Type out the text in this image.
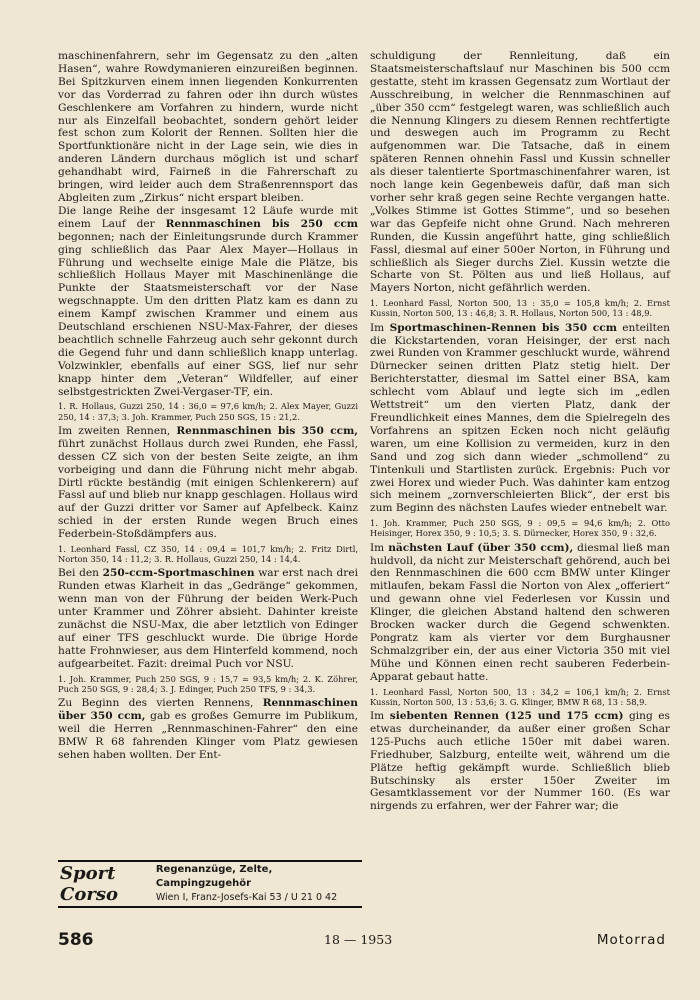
maschinenfahrern, sehr im Gegensatz zu den „alten Hasen“, wahre Rowdymanieren einzureißen beginnen. Bei Spitzkurven einem innen liegenden Konkurrenten vor das Vorderrad zu fahren oder ihn durch wüstes Geschlenkere am Vorfahren zu hindern, wurde nicht nur als Einzelfall beobachtet, sondern gehört leider fest schon zum Kolorit der Rennen. Sollten hier die Sportfunktionäre nicht in der Lage sein, wie dies in anderen Ländern durchaus möglich ist und scharf gehandhabt wird, Fairneß in die Fahrerschaft zu bringen, wird leider auch dem Straßenrennsport das Abgleiten zum „Zirkus“ nicht erspart bleiben.

Die lange Reihe der insgesamt 12 Läufe wurde mit einem Lauf der Rennmaschinen bis 250 ccm begonnen; nach der Einleitungsrunde durch Krammer ging schließlich das Paar Alex Mayer—Hollaus in Führung und wechselte einige Male die Plätze, bis schließlich Hollaus Mayer mit Maschinenlänge die Punkte der Staatsmeisterschaft vor der Nase wegschnappte. Um den dritten Platz kam es dann zu einem Kampf zwischen Krammer und einem aus Deutschland erschienen NSU-Max-Fahrer, der dieses beachtlich schnelle Fahrzeug auch sehr gekonnt durch die Gegend fuhr und dann schließlich knapp unterlag. Volzwinkler, ebenfalls auf einer SGS, lief nur sehr knapp hinter dem „Veteran“ Wildfeller, auf einer selbstgestrickten Zwei-Vergaser-TF, ein.

1. R. Hollaus, Guzzi 250, 14 : 36,0 = 97,6 km/h; 2. Alex Mayer, Guzzi 250, 14 : 37,3; 3. Joh. Krammer, Puch 250 SGS, 15 : 21,2.

Im zweiten Rennen, Rennmaschinen bis 350 ccm, führt zunächst Hollaus durch zwei Runden, ehe Fassl, dessen CZ sich von der besten Seite zeigte, an ihm vorbeiging und dann die Führung nicht mehr abgab. Dirtl rückte beständig (mit einigen Schlenkerern) auf Fassl auf und blieb nur knapp geschlagen. Hollaus wird auf der Guzzi dritter vor Samer auf Apfelbeck. Kainz schied in der ersten Runde wegen Bruch eines Federbein-Stoßdämpfers aus.

1. Leonhard Fassl, CZ 350, 14 : 09,4 = 101,7 km/h; 2. Fritz Dirtl, Norton 350, 14 : 11,2; 3. R. Hollaus, Guzzi 250, 14 : 14,4.

Bei den 250-ccm-Sportmaschinen war erst nach drei Runden etwas Klarheit in das „Gedränge“ gekommen, wenn man von der Führung der beiden Werk-Puch unter Krammer und Zöhrer absieht. Dahinter kreiste zunächst die NSU-Max, die aber letztlich von Edinger auf einer TFS geschluckt wurde. Die übrige Horde hatte Frohnwieser, aus dem Hinterfeld kommend, noch aufgearbeitet. Fazit: dreimal Puch vor NSU.

1. Joh. Krammer, Puch 250 SGS, 9 : 15,7 = 93,5 km/h; 2. K. Zöhrer, Puch 250 SGS, 9 : 28,4; 3. J. Edinger, Puch 250 TFS, 9 : 34,3.

Zu Beginn des vierten Rennens, Rennmaschinen über 350 ccm, gab es großes Gemurre im Publikum, weil die Herren „Rennmaschinen-Fahrer“ den eine BMW R 68 fahrenden Klinger vom Platz gewiesen sehen haben wollten. Der Ent-

schuldigung der Rennleitung, daß ein Staatsmeisterschaftslauf nur Maschinen bis 500 ccm gestatte, steht im krassen Gegensatz zum Wortlaut der Ausschreibung, in welcher die Rennmaschinen auf „über 350 ccm“ festgelegt waren, was schließlich auch die Nennung Klingers zu diesem Rennen rechtfertigte und deswegen auch im Programm zu Recht aufgenommen war. Die Tatsache, daß in einem späteren Rennen ohnehin Fassl und Kussin schneller als dieser talentierte Sportmaschinenfahrer waren, ist noch lange kein Gegenbeweis dafür, daß man sich vorher sehr kraß gegen seine Rechte vergangen hatte. „Volkes Stimme ist Gottes Stimme“, und so besehen war das Gepfeife nicht ohne Grund. Nach mehreren Runden, die Kussin angeführt hatte, ging schließlich Fassl, diesmal auf einer 500er Norton, in Führung und schließlich als Sieger durchs Ziel. Kussin wetzte die Scharte von St. Pölten aus und ließ Hollaus, auf Mayers Norton, nicht gefährlich werden.

1. Leonhard Fassl, Norton 500, 13 : 35,0 = 105,8 km/h; 2. Ernst Kussin, Norton 500, 13 : 46,8; 3. R. Hollaus, Norton 500, 13 : 48,9.

Im Sportmaschinen-Rennen bis 350 ccm enteilten die Kickstartenden, voran Heisinger, der erst nach zwei Runden von Krammer geschluckt wurde, während Dürnecker seinen dritten Platz stetig hielt. Der Berichterstatter, diesmal im Sattel einer BSA, kam schlecht vom Ablauf und legte sich im „edlen Wettstreit“ um den vierten Platz, dank der Freundlichkeit eines Mannes, dem die Spielregeln des Vorfahrens an spitzen Ecken noch nicht geläufig waren, um eine Kollision zu vermeiden, kurz in den Sand und zog sich dann wieder „schmollend“ zu Tintenkuli und Startlisten zurück. Ergebnis: Puch vor zwei Horex und wieder Puch. Was dahinter kam entzog sich meinem „zornverschleierten Blick“, der erst bis zum Beginn des nächsten Laufes wieder entnebelt war.

1. Joh. Krammer, Puch 250 SGS, 9 : 09,5 = 94,6 km/h; 2. Otto Heisinger, Horex 350, 9 : 10,5; 3. S. Dürnecker, Horex 350, 9 : 32,6.

Im nächsten Lauf (über 350 ccm), diesmal ließ man huldvoll, da nicht zur Meisterschaft gehörend, auch bei den Rennmaschinen die 600 ccm BMW unter Klinger mitlaufen, bekam Fassl die Norton von Alex „offeriert“ und gewann ohne viel Federlesen vor Kussin und Klinger, die gleichen Abstand haltend den schweren Brocken wacker durch die Gegend schwenkten. Pongratz kam als vierter vor dem Burghausner Schmalzgriber ein, der aus einer Victoria 350 mit viel Mühe und Können einen recht sauberen Federbein-Apparat gebaut hatte.

1. Leonhard Fassl, Norton 500, 13 : 34,2 = 106,1 km/h; 2. Ernst Kussin, Norton 500, 13 : 53,6; 3. G. Klinger, BMW R 68, 13 : 58,9.

Im siebenten Rennen (125 und 175 ccm) ging es etwas durcheinander, da außer einer großen Schar 125-Puchs auch etliche 150er mit dabei waren. Friedhuber, Salzburg, enteilte weit, während um die Plätze heftig gekämpft wurde. Schließlich blieb Butschinsky als erster 150er Zweiter im Gesamtklassement vor der Nummer 160. (Es war nirgends zu erfahren, wer der Fahrer war; die

Sport Corso
Regenanzüge, Zelte, Campingzugehör
Wien I, Franz-Josefs-Kai 53 / U 21 0 42
586	18 — 1953	Motorrad
